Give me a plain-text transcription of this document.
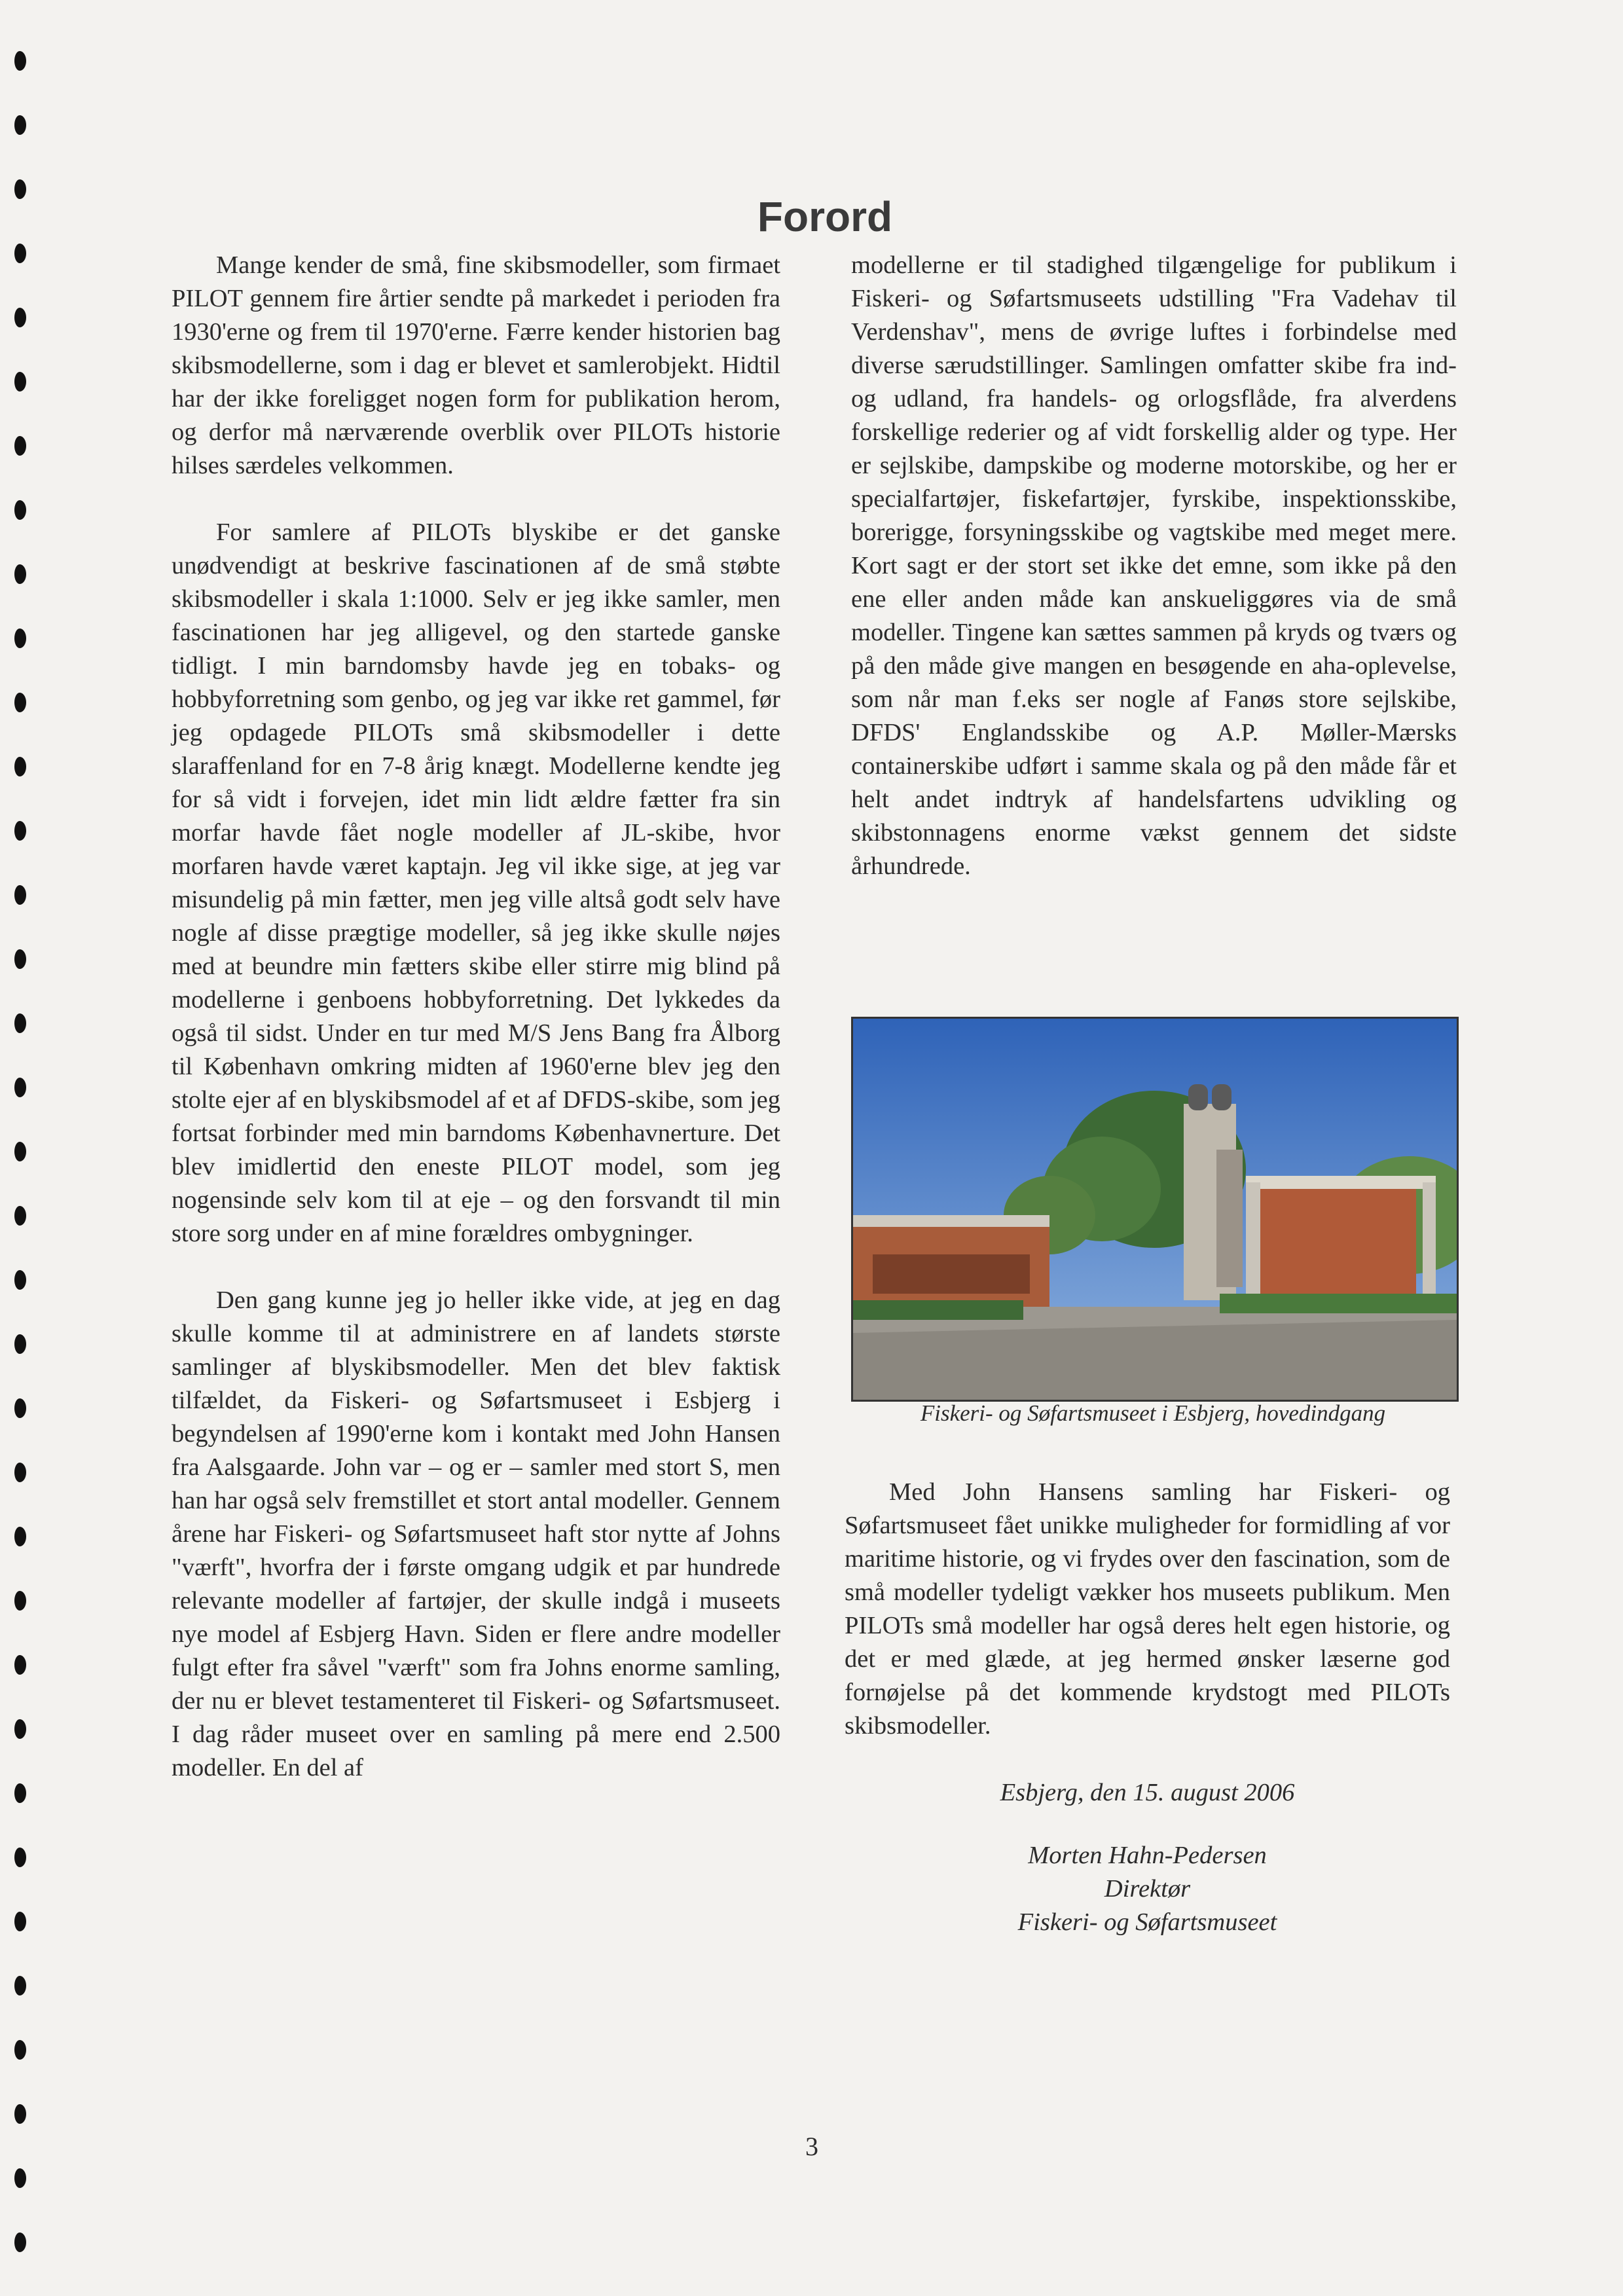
Forord

Mange kender de små, fine skibsmodeller, som firmaet PILOT gennem fire årtier sendte på markedet i perioden fra 1930'erne og frem til 1970'erne. Færre kender historien bag skibsmodellerne, som i dag er blevet et samlerobjekt. Hidtil har der ikke foreligget nogen form for publikation herom, og derfor må nærværende overblik over PILOTs historie hilses særdeles velkommen.

For samlere af PILOTs blyskibe er det ganske unødvendigt at beskrive fascinationen af de små støbte skibsmodeller i skala 1:1000. Selv er jeg ikke samler, men fascinationen har jeg alligevel, og den startede ganske tidligt. I min barndomsby havde jeg en tobaks- og hobbyforretning som genbo, og jeg var ikke ret gammel, før jeg opdagede PILOTs små skibsmodeller i dette slaraffenland for en 7-8 årig knægt. Modellerne kendte jeg for så vidt i forvejen, idet min lidt ældre fætter fra sin morfar havde fået nogle modeller af JL-skibe, hvor morfaren havde været kaptajn. Jeg vil ikke sige, at jeg var misundelig på min fætter, men jeg ville altså godt selv have nogle af disse prægtige modeller, så jeg ikke skulle nøjes med at beundre min fætters skibe eller stirre mig blind på modellerne i genboens hobbyforretning. Det lykkedes da også til sidst. Under en tur med M/S Jens Bang fra Ålborg til København omkring midten af 1960'erne blev jeg den stolte ejer af en blyskibsmodel af et af DFDS-skibe, som jeg fortsat forbinder med min barndoms Københavnerture. Det blev imidlertid den eneste PILOT model, som jeg nogensinde selv kom til at eje – og den forsvandt til min store sorg under en af mine forældres ombygninger.

Den gang kunne jeg jo heller ikke vide, at jeg en dag skulle komme til at administrere en af landets største samlinger af blyskibsmodeller. Men det blev faktisk tilfældet, da Fiskeri- og Søfartsmuseet i Esbjerg i begyndelsen af 1990'erne kom i kontakt med John Hansen fra Aalsgaarde. John var – og er – samler med stort S, men han har også selv fremstillet et stort antal modeller. Gennem årene har Fiskeri- og Søfartsmuseet haft stor nytte af Johns "værft", hvorfra der i første omgang udgik et par hundrede relevante modeller af fartøjer, der skulle indgå i museets nye model af Esbjerg Havn. Siden er flere andre modeller fulgt efter fra såvel "værft" som fra Johns enorme samling, der nu er blevet testamenteret til Fiskeri- og Søfartsmuseet. I dag råder museet over en samling på mere end 2.500 modeller. En del af

modellerne er til stadighed tilgængelige for publikum i Fiskeri- og Søfartsmuseets udstilling "Fra Vadehav til Verdenshav", mens de øvrige luftes i forbindelse med diverse særudstillinger. Samlingen omfatter skibe fra ind- og udland, fra handels- og orlogsflåde, fra alverdens forskellige rederier og af vidt forskellig alder og type. Her er sejlskibe, dampskibe og moderne motorskibe, og her er specialfartøjer, fiskefartøjer, fyrskibe, inspektionsskibe, borerigge, forsyningsskibe og vagtskibe med meget mere. Kort sagt er der stort set ikke det emne, som ikke på den ene eller anden måde kan anskueliggøres via de små modeller. Tingene kan sættes sammen på kryds og tværs og på den måde give mangen en besøgende en aha-oplevelse, som når man f.eks ser nogle af Fanøs store sejlskibe, DFDS' Englandsskibe og A.P. Møller-Mærsks containerskibe udført i samme skala og på den måde får et helt andet indtryk af handelsfartens udvikling og skibstonnagens enorme vækst gennem det sidste århundrede.

Fiskeri- og Søfartsmuseet i Esbjerg, hovedindgang

Med John Hansens samling har Fiskeri- og Søfartsmuseet fået unikke muligheder for formidling af vor maritime historie, og vi frydes over den fascination, som de små modeller tydeligt vækker hos museets publikum. Men PILOTs små modeller har også deres helt egen historie, og det er med glæde, at jeg hermed ønsker læserne god fornøjelse på det kommende krydstogt med PILOTs skibsmodeller.

Esbjerg, den 15. august 2006
Morten Hahn-Pedersen
Direktør
Fiskeri- og Søfartsmuseet
3
